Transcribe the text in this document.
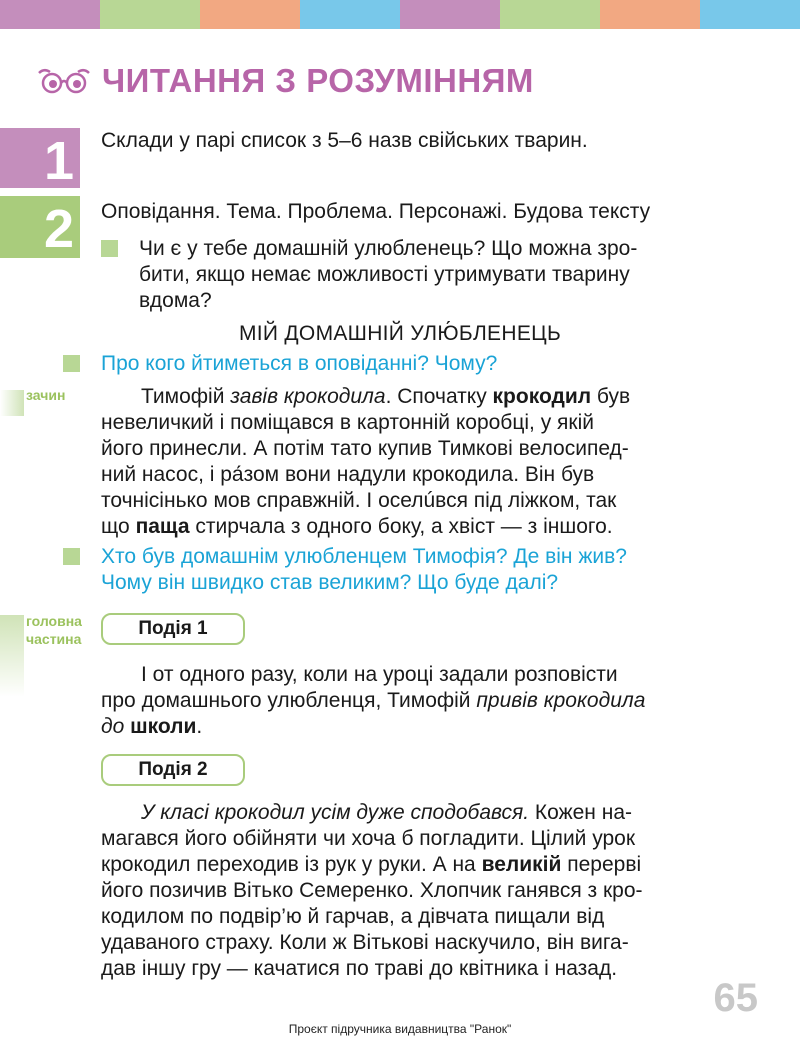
ЧИТАННЯ З РОЗУМІННЯМ
1 Склади у парі список з 5–6 назв свійських тварин.
2 Оповідання. Тема. Проблема. Персонажі. Будова тексту
Чи є у тебе домашній улюбленець? Що можна зро-
бити, якщо немає можливості утримувати тварину
вдома?
МІЙ ДОМАШНІЙ УЛЮ́БЛЕНЕЦЬ
Про кого йтиметься в оповіданні? Чому?
зачин	Тимофій завів крокодила. Спочатку крокодил був
невеличкий і поміщався в картонній коробці, у якій
його принесли. А потім тато купив Тимкові велосипед-
ний насос, і ра́зом вони надули крокодила. Він був
точнісінько мов справжній. І оселúвся під ліжком, так
що паща стирчала з одного боку, а хвіст — з іншого.
Хто був домашнім улюбленцем Тимофія? Де він жив?
Чому він швидко став великим? Що буде далі?
головна
частина	Подія 1
І от одного разу, коли на уроці задали розповісти
про домашнього улюбленця, Тимофій привів крокодила
до школи.
Подія 2
У класі крокодил усім дуже сподобався. Кожен на-
магався його обійняти чи хоча б погладити. Цілий урок
крокодил переходив із рук у руки. А на великій перерві
його позичив Вітько Семеренко. Хлопчик ганявся з кро-
кодилом по подвір’ю й гарчав, а дівчата пищали від
удаваного страху. Коли ж Вітькові наскучило, він вига-
дав іншу гру — качатися по траві до квітника і назад.
65
Проєкт підручника видавництва "Ранок"
